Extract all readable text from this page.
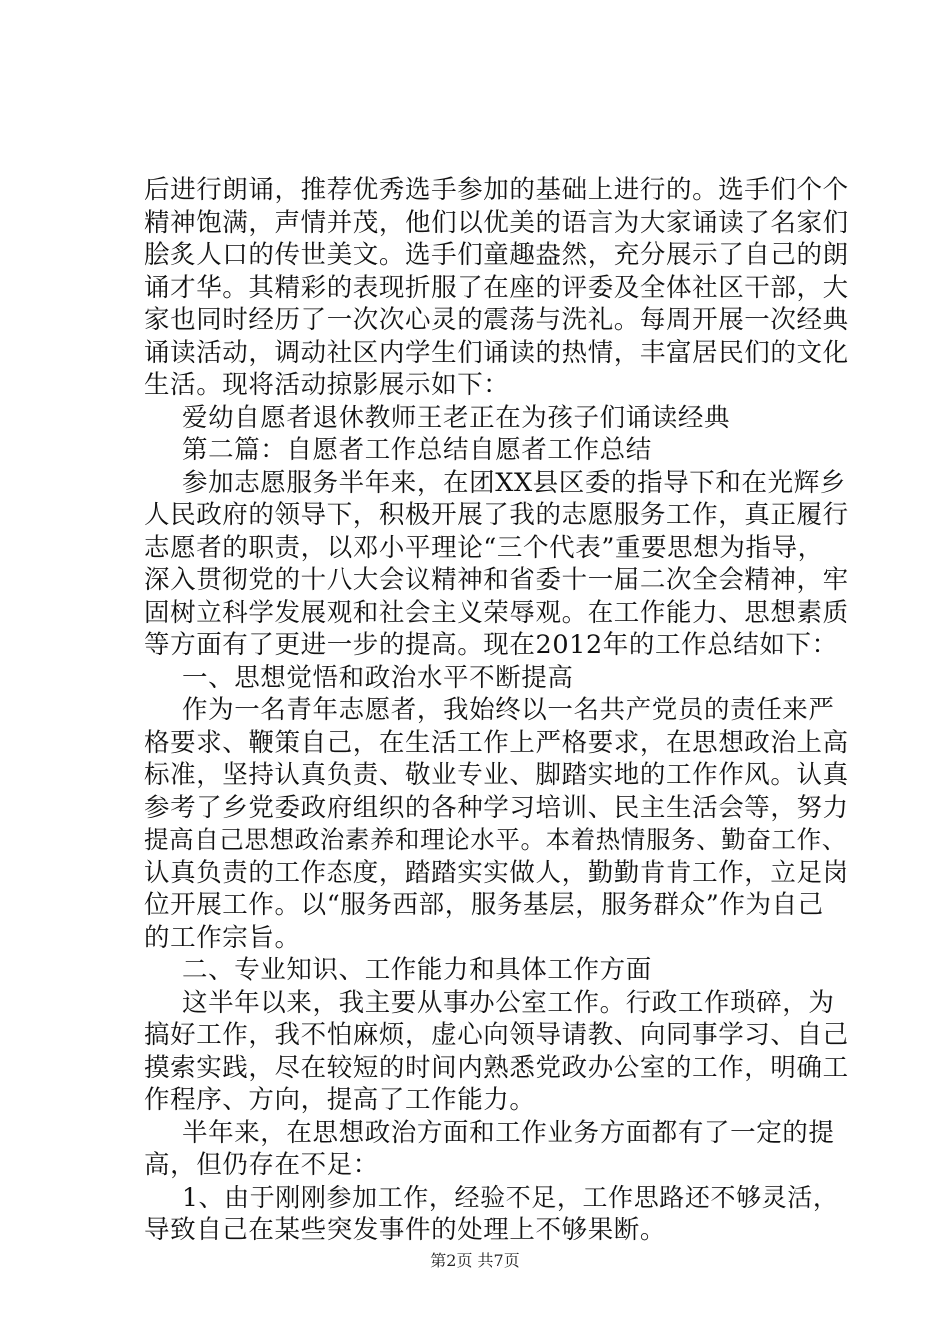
后进行朗诵，推荐优秀选手参加的基础上进行的。选手们个个

精神饱满，声情并茂，他们以优美的语言为大家诵读了名家们

脍炙人口的传世美文。选手们童趣盎然，充分展示了自己的朗

诵才华。其精彩的表现折服了在座的评委及全体社区干部，大

家也同时经历了一次次心灵的震荡与洗礼。每周开展一次经典

诵读活动，调动社区内学生们诵读的热情，丰富居民们的文化

生活。现将活动掠影展示如下：

爱幼自愿者退休教师王老正在为孩子们诵读经典

第二篇：自愿者工作总结自愿者工作总结

参加志愿服务半年来，在团XX县区委的指导下和在光辉乡

人民政府的领导下，积极开展了我的志愿服务工作，真正履行

志愿者的职责，以邓小平理论“三个代表”重要思想为指导，

深入贯彻党的十八大会议精神和省委十一届二次全会精神，牢

固树立科学发展观和社会主义荣辱观。在工作能力、思想素质

等方面有了更进一步的提高。现在2012年的工作总结如下：

一、思想觉悟和政治水平不断提高

作为一名青年志愿者，我始终以一名共产党员的责任来严

格要求、鞭策自己，在生活工作上严格要求，在思想政治上高

标准，坚持认真负责、敬业专业、脚踏实地的工作作风。认真

参考了乡党委政府组织的各种学习培训、民主生活会等，努力

提高自己思想政治素养和理论水平。本着热情服务、勤奋工作、

认真负责的工作态度，踏踏实实做人，勤勤肯肯工作，立足岗

位开展工作。以“服务西部，服务基层，服务群众”作为自己

的工作宗旨。

二、专业知识、工作能力和具体工作方面

这半年以来，我主要从事办公室工作。行政工作琐碎，为

搞好工作，我不怕麻烦，虚心向领导请教、向同事学习、自己

摸索实践，尽在较短的时间内熟悉党政办公室的工作，明确工

作程序、方向，提高了工作能力。

半年来，在思想政治方面和工作业务方面都有了一定的提

高，但仍存在不足：

1、由于刚刚参加工作，经验不足，工作思路还不够灵活，

导致自己在某些突发事件的处理上不够果断。

第2页 共7页
